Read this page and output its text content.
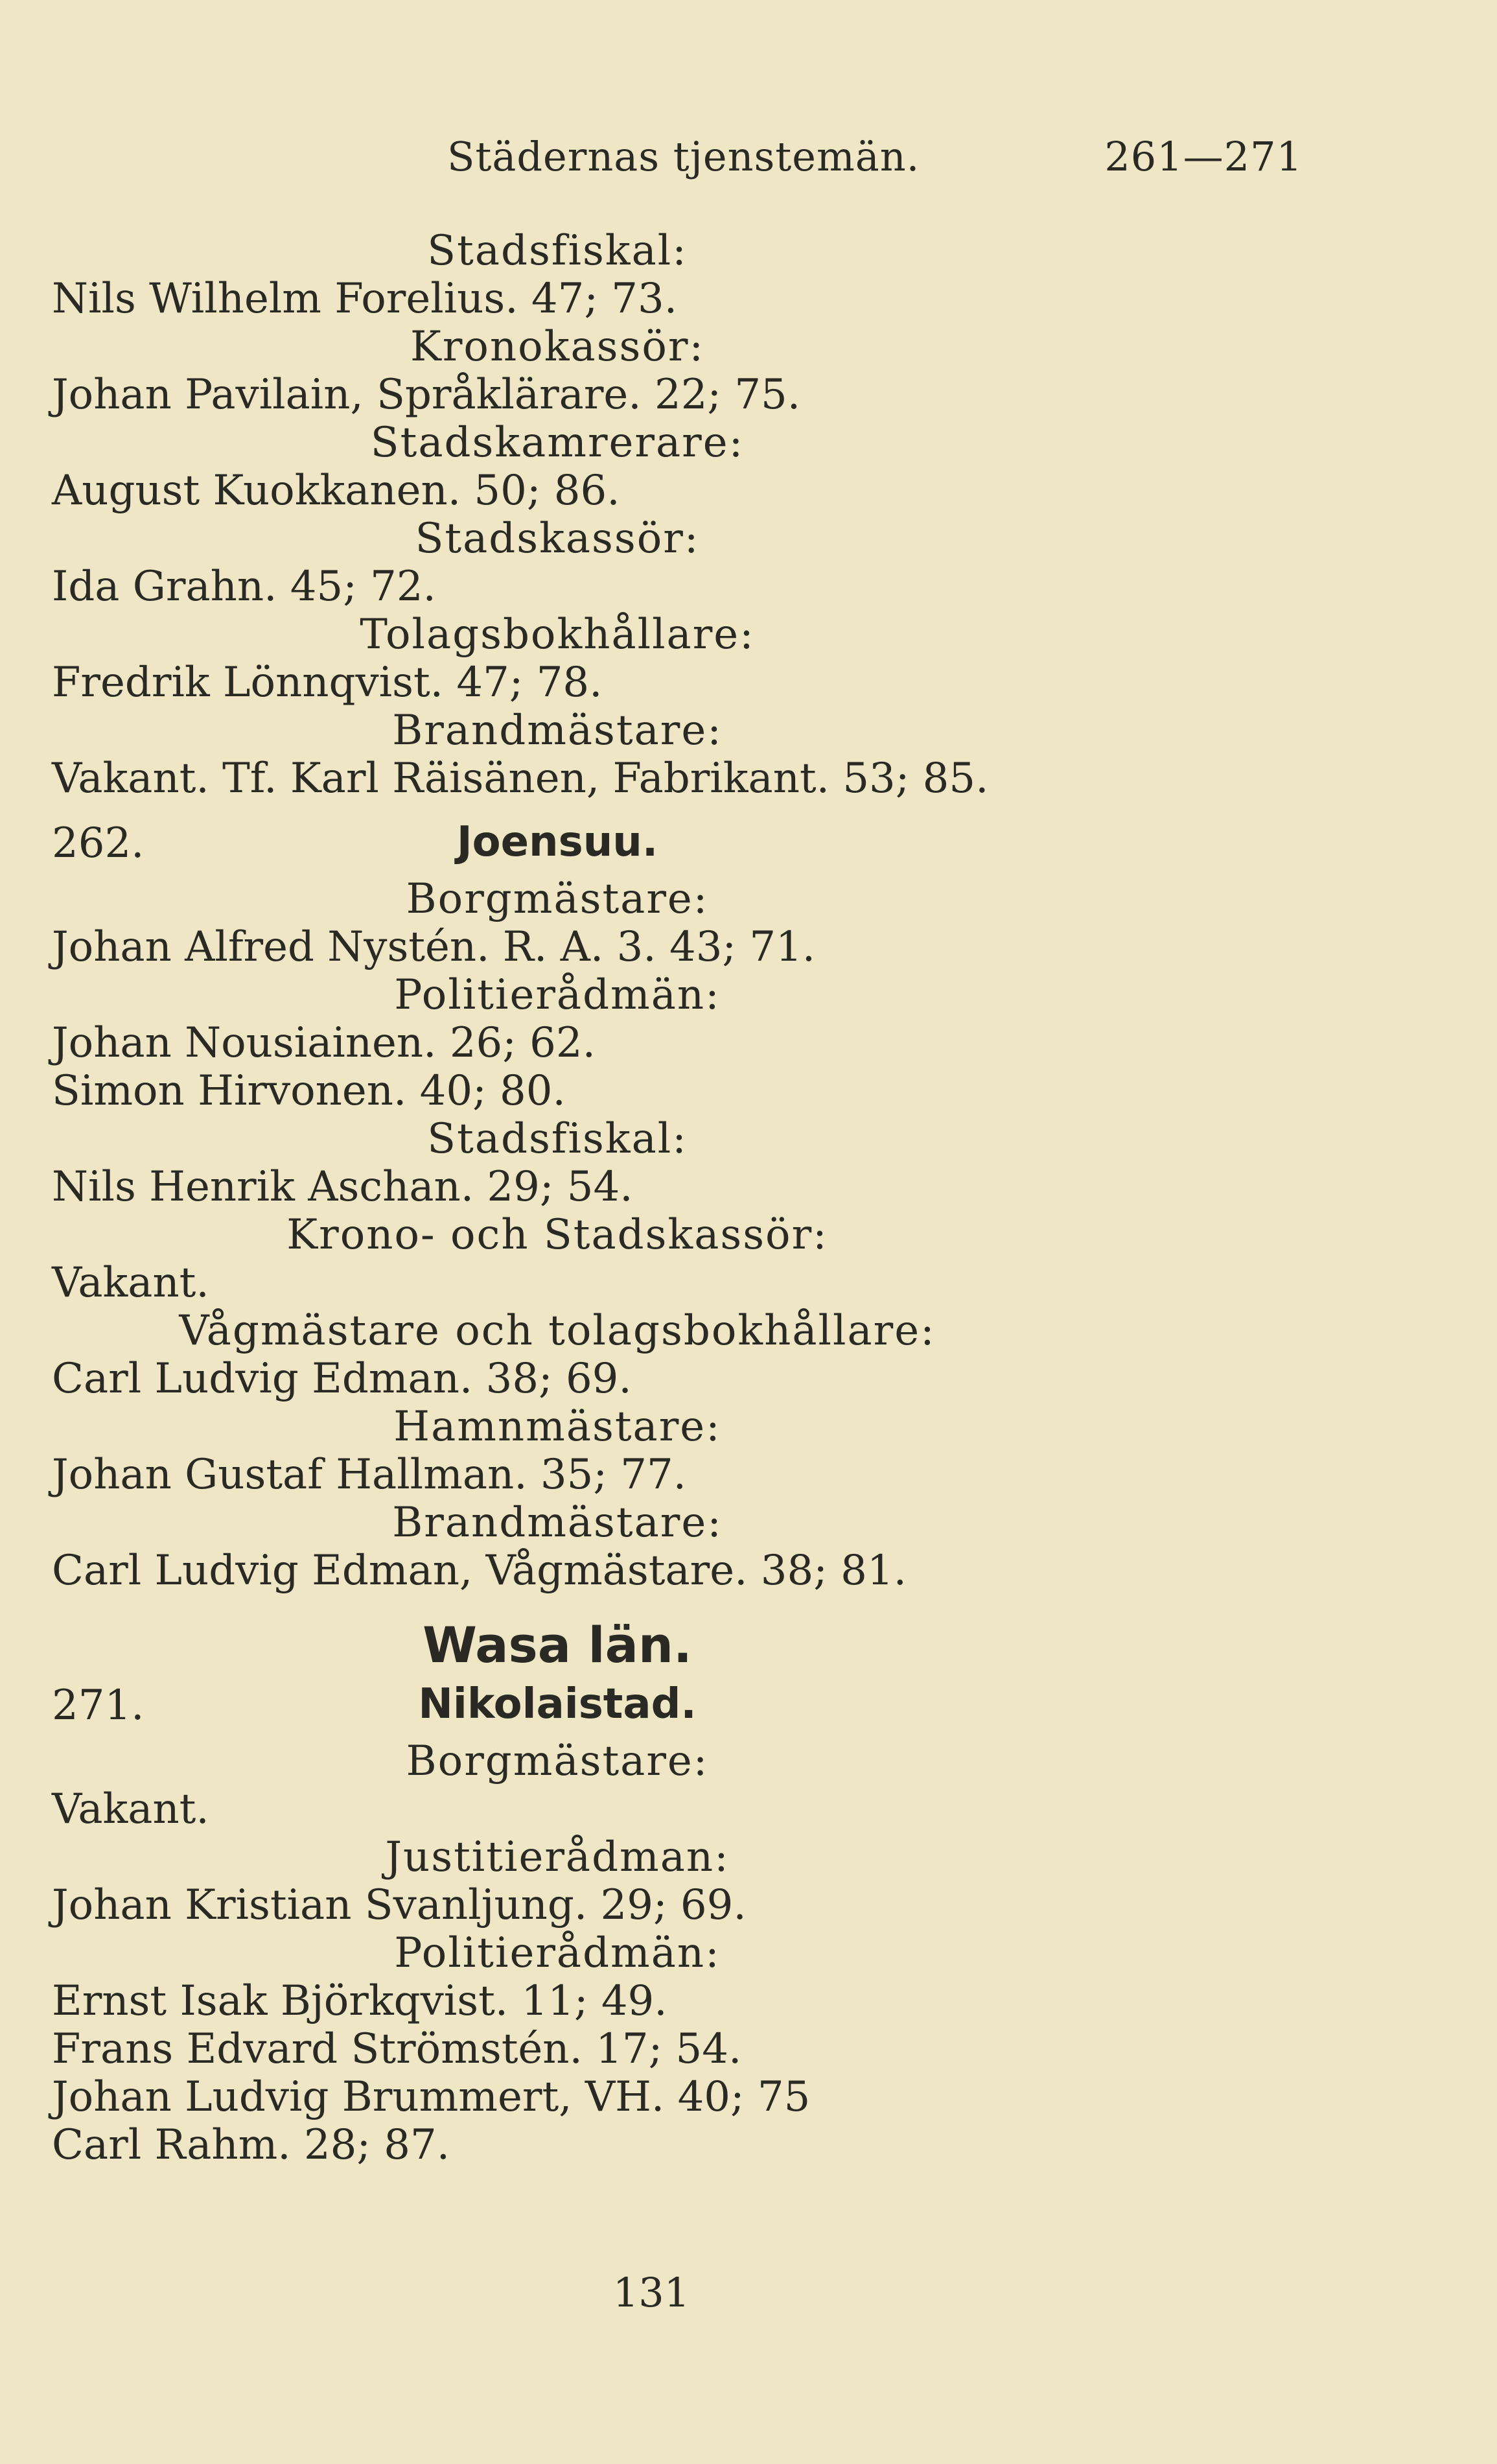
Städernas tjenstemän.	261—271
Stadsfiskal:
Nils Wilhelm Forelius. 47; 73.
Kronokassör:
Johan Pavilain, Språklärare. 22; 75.
Stadskamrerare:
August Kuokkanen. 50; 86.
Stadskassör:
Ida Grahn. 45; 72.
Tolagsbokhållare:
Fredrik Lönnqvist. 47; 78.
Brandmästare:
Vakant. Tf. Karl Räisänen, Fabrikant. 53; 85.
262.	Joensuu.
Borgmästare:
Johan Alfred Nystén. R. A. 3. 43; 71.
Politierådmän:
Johan Nousiainen. 26; 62.
Simon Hirvonen. 40; 80.
Stadsfiskal:
Nils Henrik Aschan. 29; 54.
Krono- och Stadskassör:
Vakant.
Vågmästare och tolagsbokhållare:
Carl Ludvig Edman. 38; 69.
Hamnmästare:
Johan Gustaf Hallman. 35; 77.
Brandmästare:
Carl Ludvig Edman, Vågmästare. 38; 81.
Wasa län.
271.	Nikolaistad.
Borgmästare:
Vakant.
Justitierådman:
Johan Kristian Svanljung. 29; 69.
Politierådmän:
Ernst Isak Björkqvist. 11; 49.
Frans Edvard Strömstén. 17; 54.
Johan Ludvig Brummert, VH. 40; 75
Carl Rahm. 28; 87.
131
